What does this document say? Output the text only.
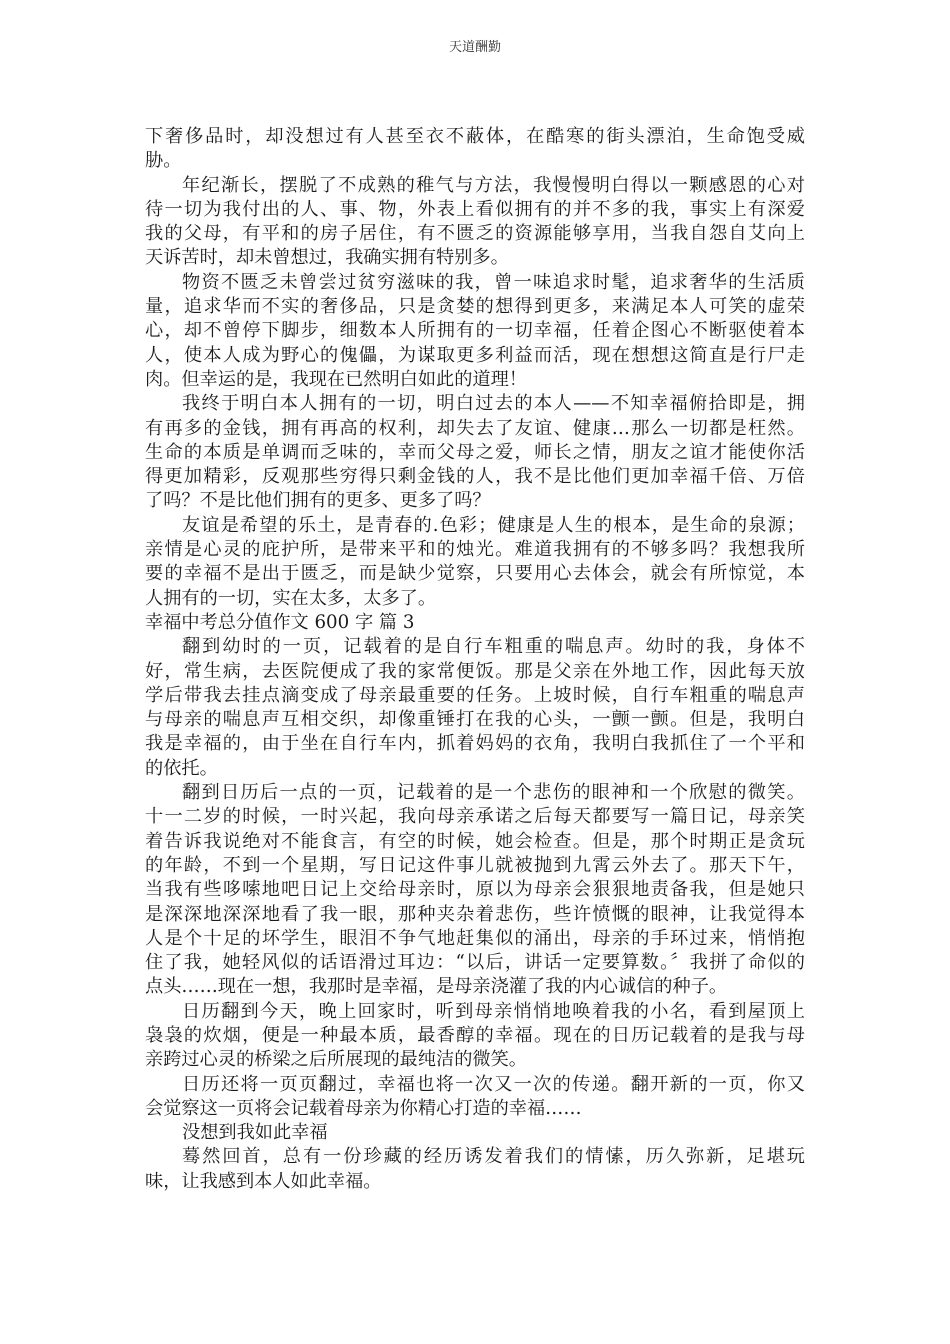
天道酬勤
下奢侈品时，却没想过有人甚至衣不蔽体，在酷寒的街头漂泊，生命饱受威
胁。
年纪渐长，摆脱了不成熟的稚气与方法，我慢慢明白得以一颗感恩的心对
待一切为我付出的人、事、物，外表上看似拥有的并不多的我，事实上有深爱
我的父母，有平和的房子居住，有不匮乏的资源能够享用，当我自怨自艾向上
天诉苦时，却未曾想过，我确实拥有特别多。
物资不匮乏未曾尝过贫穷滋味的我，曾一味追求时髦，追求奢华的生活质
量，追求华而不实的奢侈品，只是贪婪的想得到更多，来满足本人可笑的虚荣
心，却不曾停下脚步，细数本人所拥有的一切幸福，任着企图心不断驱使着本
人，使本人成为野心的傀儡，为谋取更多利益而活，现在想想这简直是行尸走
肉。但幸运的是，我现在已然明白如此的道理！
我终于明白本人拥有的一切，明白过去的本人——不知幸福俯拾即是，拥
有再多的金钱，拥有再高的权利，却失去了友谊、健康…那么一切都是枉然。
生命的本质是单调而乏味的，幸而父母之爱，师长之情，朋友之谊才能使你活
得更加精彩，反观那些穷得只剩金钱的人，我不是比他们更加幸福千倍、万倍
了吗？不是比他们拥有的更多、更多了吗？
友谊是希望的乐土，是青春的.色彩；健康是人生的根本，是生命的泉源；
亲情是心灵的庇护所，是带来平和的烛光。难道我拥有的不够多吗？我想我所
要的幸福不是出于匮乏，而是缺少觉察，只要用心去体会，就会有所惊觉，本
人拥有的一切，实在太多，太多了。
幸福中考总分值作文 600 字 篇 3
翻到幼时的一页，记载着的是自行车粗重的喘息声。幼时的我，身体不
好，常生病，去医院便成了我的家常便饭。那是父亲在外地工作，因此每天放
学后带我去挂点滴变成了母亲最重要的任务。上坡时候，自行车粗重的喘息声
与母亲的喘息声互相交织，却像重锤打在我的心头，一颤一颤。但是，我明白
我是幸福的，由于坐在自行车内，抓着妈妈的衣角，我明白我抓住了一个平和
的依托。
翻到日历后一点的一页，记载着的是一个悲伤的眼神和一个欣慰的微笑。
十一二岁的时候，一时兴起，我向母亲承诺之后每天都要写一篇日记，母亲笑
着告诉我说绝对不能食言，有空的时候，她会检查。但是，那个时期正是贪玩
的年龄，不到一个星期，写日记这件事儿就被抛到九霄云外去了。那天下午，
当我有些哆嗦地吧日记上交给母亲时，原以为母亲会狠狠地责备我，但是她只
是深深地深深地看了我一眼，那种夹杂着悲伤，些许愤慨的眼神，让我觉得本
人是个十足的坏学生，眼泪不争气地赶集似的涌出，母亲的手环过来，悄悄抱
住了我，她轻风似的话语滑过耳边：“以后，讲话一定要算数。〞我拼了命似的
点头……现在一想，我那时是幸福，是母亲浇灌了我的内心诚信的种子。
日历翻到今天，晚上回家时，听到母亲悄悄地唤着我的小名，看到屋顶上
袅袅的炊烟，便是一种最本质，最香醇的幸福。现在的日历记载着的是我与母
亲跨过心灵的桥梁之后所展现的最纯洁的微笑。
日历还将一页页翻过，幸福也将一次又一次的传递。翻开新的一页，你又
会觉察这一页将会记载着母亲为你精心打造的幸福……
没想到我如此幸福
蓦然回首，总有一份珍藏的经历诱发着我们的情愫，历久弥新，足堪玩
味，让我感到本人如此幸福。
